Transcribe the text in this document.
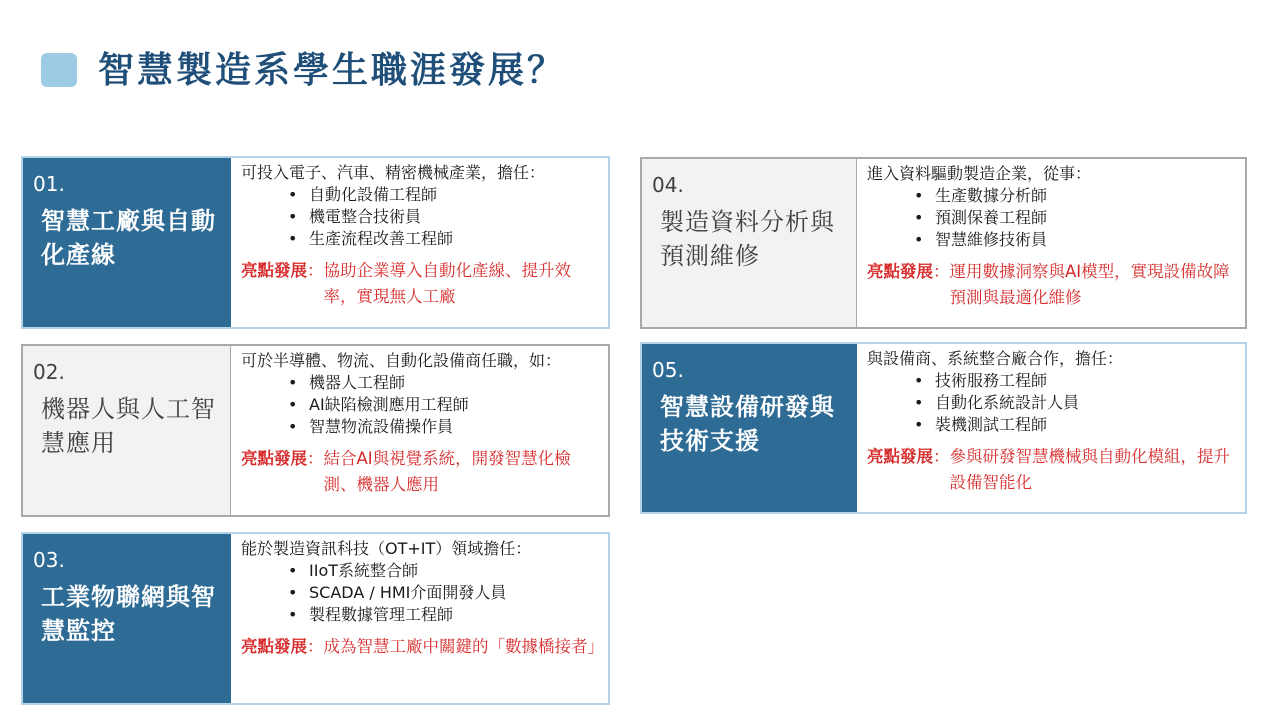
智慧製造系學生職涯發展？
01.
智慧工廠與自動化產線
可投入電子、汽車、精密機械產業，擔任：
• 自動化設備工程師
• 機電整合技術員
• 生產流程改善工程師
亮點發展 ： 協助企業導入自動化產線、提升效率，實現無人工廠
02.
機器人與人工智慧應用
可於半導體、物流、自動化設備商任職，如：
• 機器人工程師
• AI缺陷檢測應用工程師
• 智慧物流設備操作員
亮點發展 ： 結合AI與視覺系統，開發智慧化檢測、機器人應用
03.
工業物聯網與智慧監控
能於製造資訊科技（OT+IT）領域擔任：
• IIoT系統整合師
• SCADA / HMI介面開發人員
• 製程數據管理工程師
亮點發展 ： 成為智慧工廠中關鍵的「數據橋接者」
04.
製造資料分析與預測維修
進入資料驅動製造企業，從事：
• 生產數據分析師
• 預測保養工程師
• 智慧維修技術員
亮點發展 ： 運用數據洞察與AI模型，實現設備故障預測與最適化維修
05.
智慧設備研發與技術支援
與設備商、系統整合廠合作，擔任：
• 技術服務工程師
• 自動化系統設計人員
• 裝機測試工程師
亮點發展 ： 參與研發智慧機械與自動化模組，提升設備智能化
